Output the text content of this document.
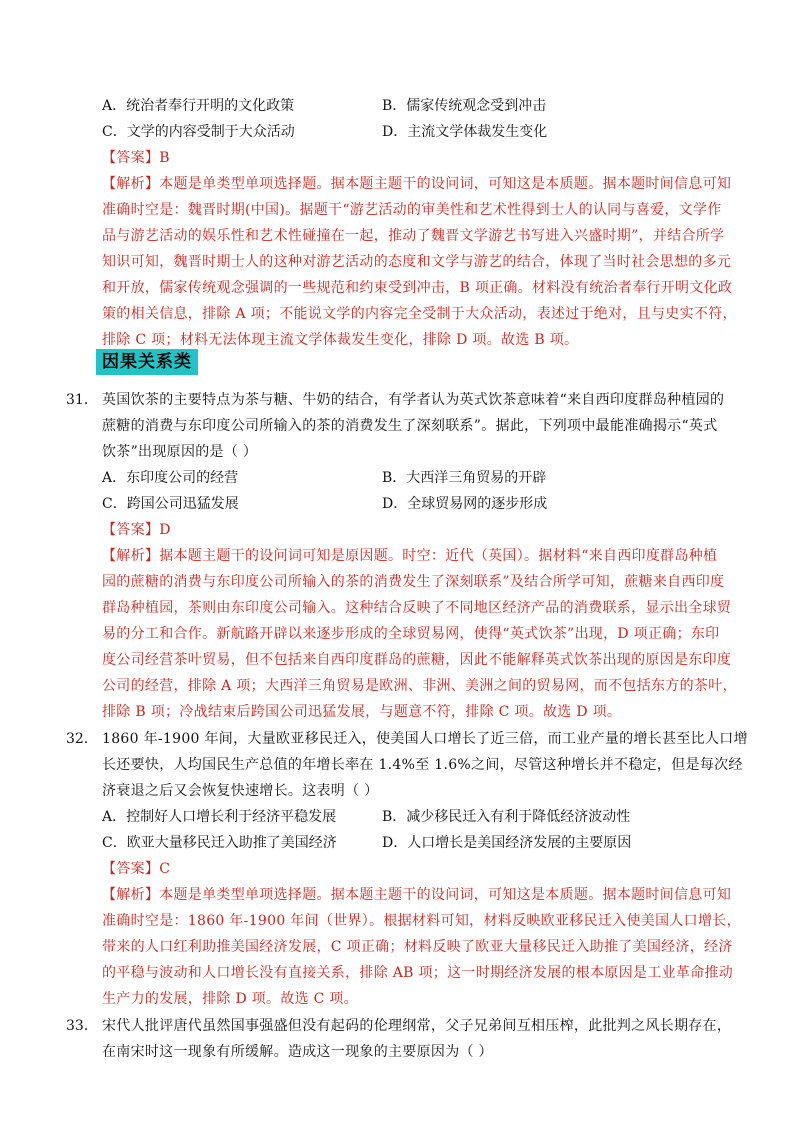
A．统治者奉行开明的文化政策	B．儒家传统观念受到冲击
C．文学的内容受制于大众活动	D．主流文学体裁发生变化
【答案】B
【解析】本题是单类型单项选择题。据本题主题干的设问词，可知这是本质题。据本题时间信息可知
准确时空是：魏晋时期(中国)。据题干“游艺活动的审美性和艺术性得到士人的认同与喜爱，文学作
品与游艺活动的娱乐性和艺术性碰撞在一起，推动了魏晋文学游艺书写进入兴盛时期”，并结合所学
知识可知，魏晋时期士人的这种对游艺活动的态度和文学与游艺的结合，体现了当时社会思想的多元
和开放，儒家传统观念强调的一些规范和约束受到冲击，B 项正确。材料没有统治者奉行开明文化政
策的相关信息，排除 A 项；不能说文学的内容完全受制于大众活动，表述过于绝对，且与史实不符，
排除 C 项；材料无法体现主流文学体裁发生变化，排除 D 项。故选 B 项。
因果关系类
31． 英国饮茶的主要特点为茶与糖、牛奶的结合，有学者认为英式饮茶意味着“来自西印度群岛种植园的
蔗糖的消费与东印度公司所输入的茶的消费发生了深刻联系”。据此，下列项中最能准确揭示“英式
饮茶”出现原因的是（ ）
A．东印度公司的经营	B．大西洋三角贸易的开辟
C．跨国公司迅猛发展	D．全球贸易网的逐步形成
【答案】D
【解析】据本题主题干的设问词可知是原因题。时空：近代（英国）。据材料“来自西印度群岛种植
园的蔗糖的消费与东印度公司所输入的茶的消费发生了深刻联系”及结合所学可知，蔗糖来自西印度
群岛种植园，茶则由东印度公司输入。这种结合反映了不同地区经济产品的消费联系，显示出全球贸
易的分工和合作。新航路开辟以来逐步形成的全球贸易网，使得“英式饮茶”出现，D 项正确；东印
度公司经营茶叶贸易，但不包括来自西印度群岛的蔗糖，因此不能解释英式饮茶出现的原因是东印度
公司的经营，排除 A 项；大西洋三角贸易是欧洲、非洲、美洲之间的贸易网，而不包括东方的茶叶，
排除 B 项；冷战结束后跨国公司迅猛发展，与题意不符，排除 C 项。故选 D 项。
32． 1860 年-1900 年间，大量欧亚移民迁入，使美国人口增长了近三倍，而工业产量的增长甚至比人口增
长还要快，人均国民生产总值的年增长率在 1.4%至 1.6%之间，尽管这种增长并不稳定，但是每次经
济衰退之后又会恢复快速增长。这表明（ ）
A．控制好人口增长利于经济平稳发展	B．减少移民迁入有利于降低经济波动性
C．欧亚大量移民迁入助推了美国经济	D．人口增长是美国经济发展的主要原因
【答案】C
【解析】本题是单类型单项选择题。据本题主题干的设问词，可知这是本质题。据本题时间信息可知
准确时空是：1860 年-1900 年间（世界）。根据材料可知，材料反映欧亚移民迁入使美国人口增长，
带来的人口红利助推美国经济发展，C 项正确；材料反映了欧亚大量移民迁入助推了美国经济，经济
的平稳与波动和人口增长没有直接关系，排除 AB 项；这一时期经济发展的根本原因是工业革命推动
生产力的发展，排除 D 项。故选 C 项。
33． 宋代人批评唐代虽然国事强盛但没有起码的伦理纲常，父子兄弟间互相压榨，此批判之风长期存在，
在南宋时这一现象有所缓解。造成这一现象的主要原因为（ ）
